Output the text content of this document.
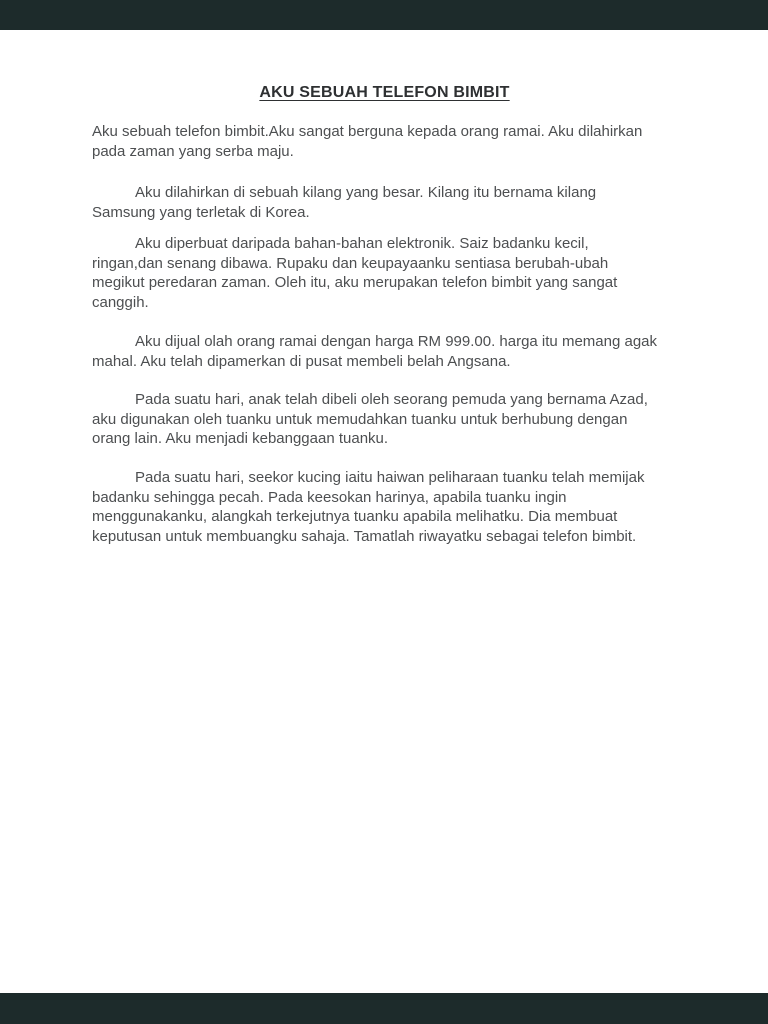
AKU SEBUAH TELEFON BIMBIT
Aku sebuah telefon bimbit.Aku sangat berguna kepada orang ramai. Aku dilahirkan
pada zaman yang serba maju.
Aku dilahirkan di sebuah kilang yang besar. Kilang itu bernama kilang
Samsung yang terletak di Korea.
Aku diperbuat daripada bahan-bahan elektronik. Saiz badanku kecil,
ringan,dan senang dibawa. Rupaku dan keupayaanku sentiasa berubah-ubah
megikut peredaran zaman. Oleh itu, aku merupakan telefon bimbit yang sangat
canggih.
Aku dijual olah orang ramai dengan harga RM 999.00. harga itu memang agak
mahal. Aku telah dipamerkan di pusat membeli belah Angsana.
Pada suatu hari, anak telah dibeli oleh seorang pemuda yang bernama Azad,
aku digunakan oleh tuanku untuk memudahkan tuanku untuk berhubung dengan
orang lain. Aku menjadi kebanggaan tuanku.
Pada suatu hari, seekor kucing iaitu haiwan peliharaan tuanku telah memijak
badanku sehingga pecah. Pada keesokan harinya, apabila tuanku ingin
menggunakanku, alangkah terkejutnya tuanku apabila melihatku. Dia membuat
keputusan untuk membuangku sahaja. Tamatlah riwayatku sebagai telefon bimbit.
